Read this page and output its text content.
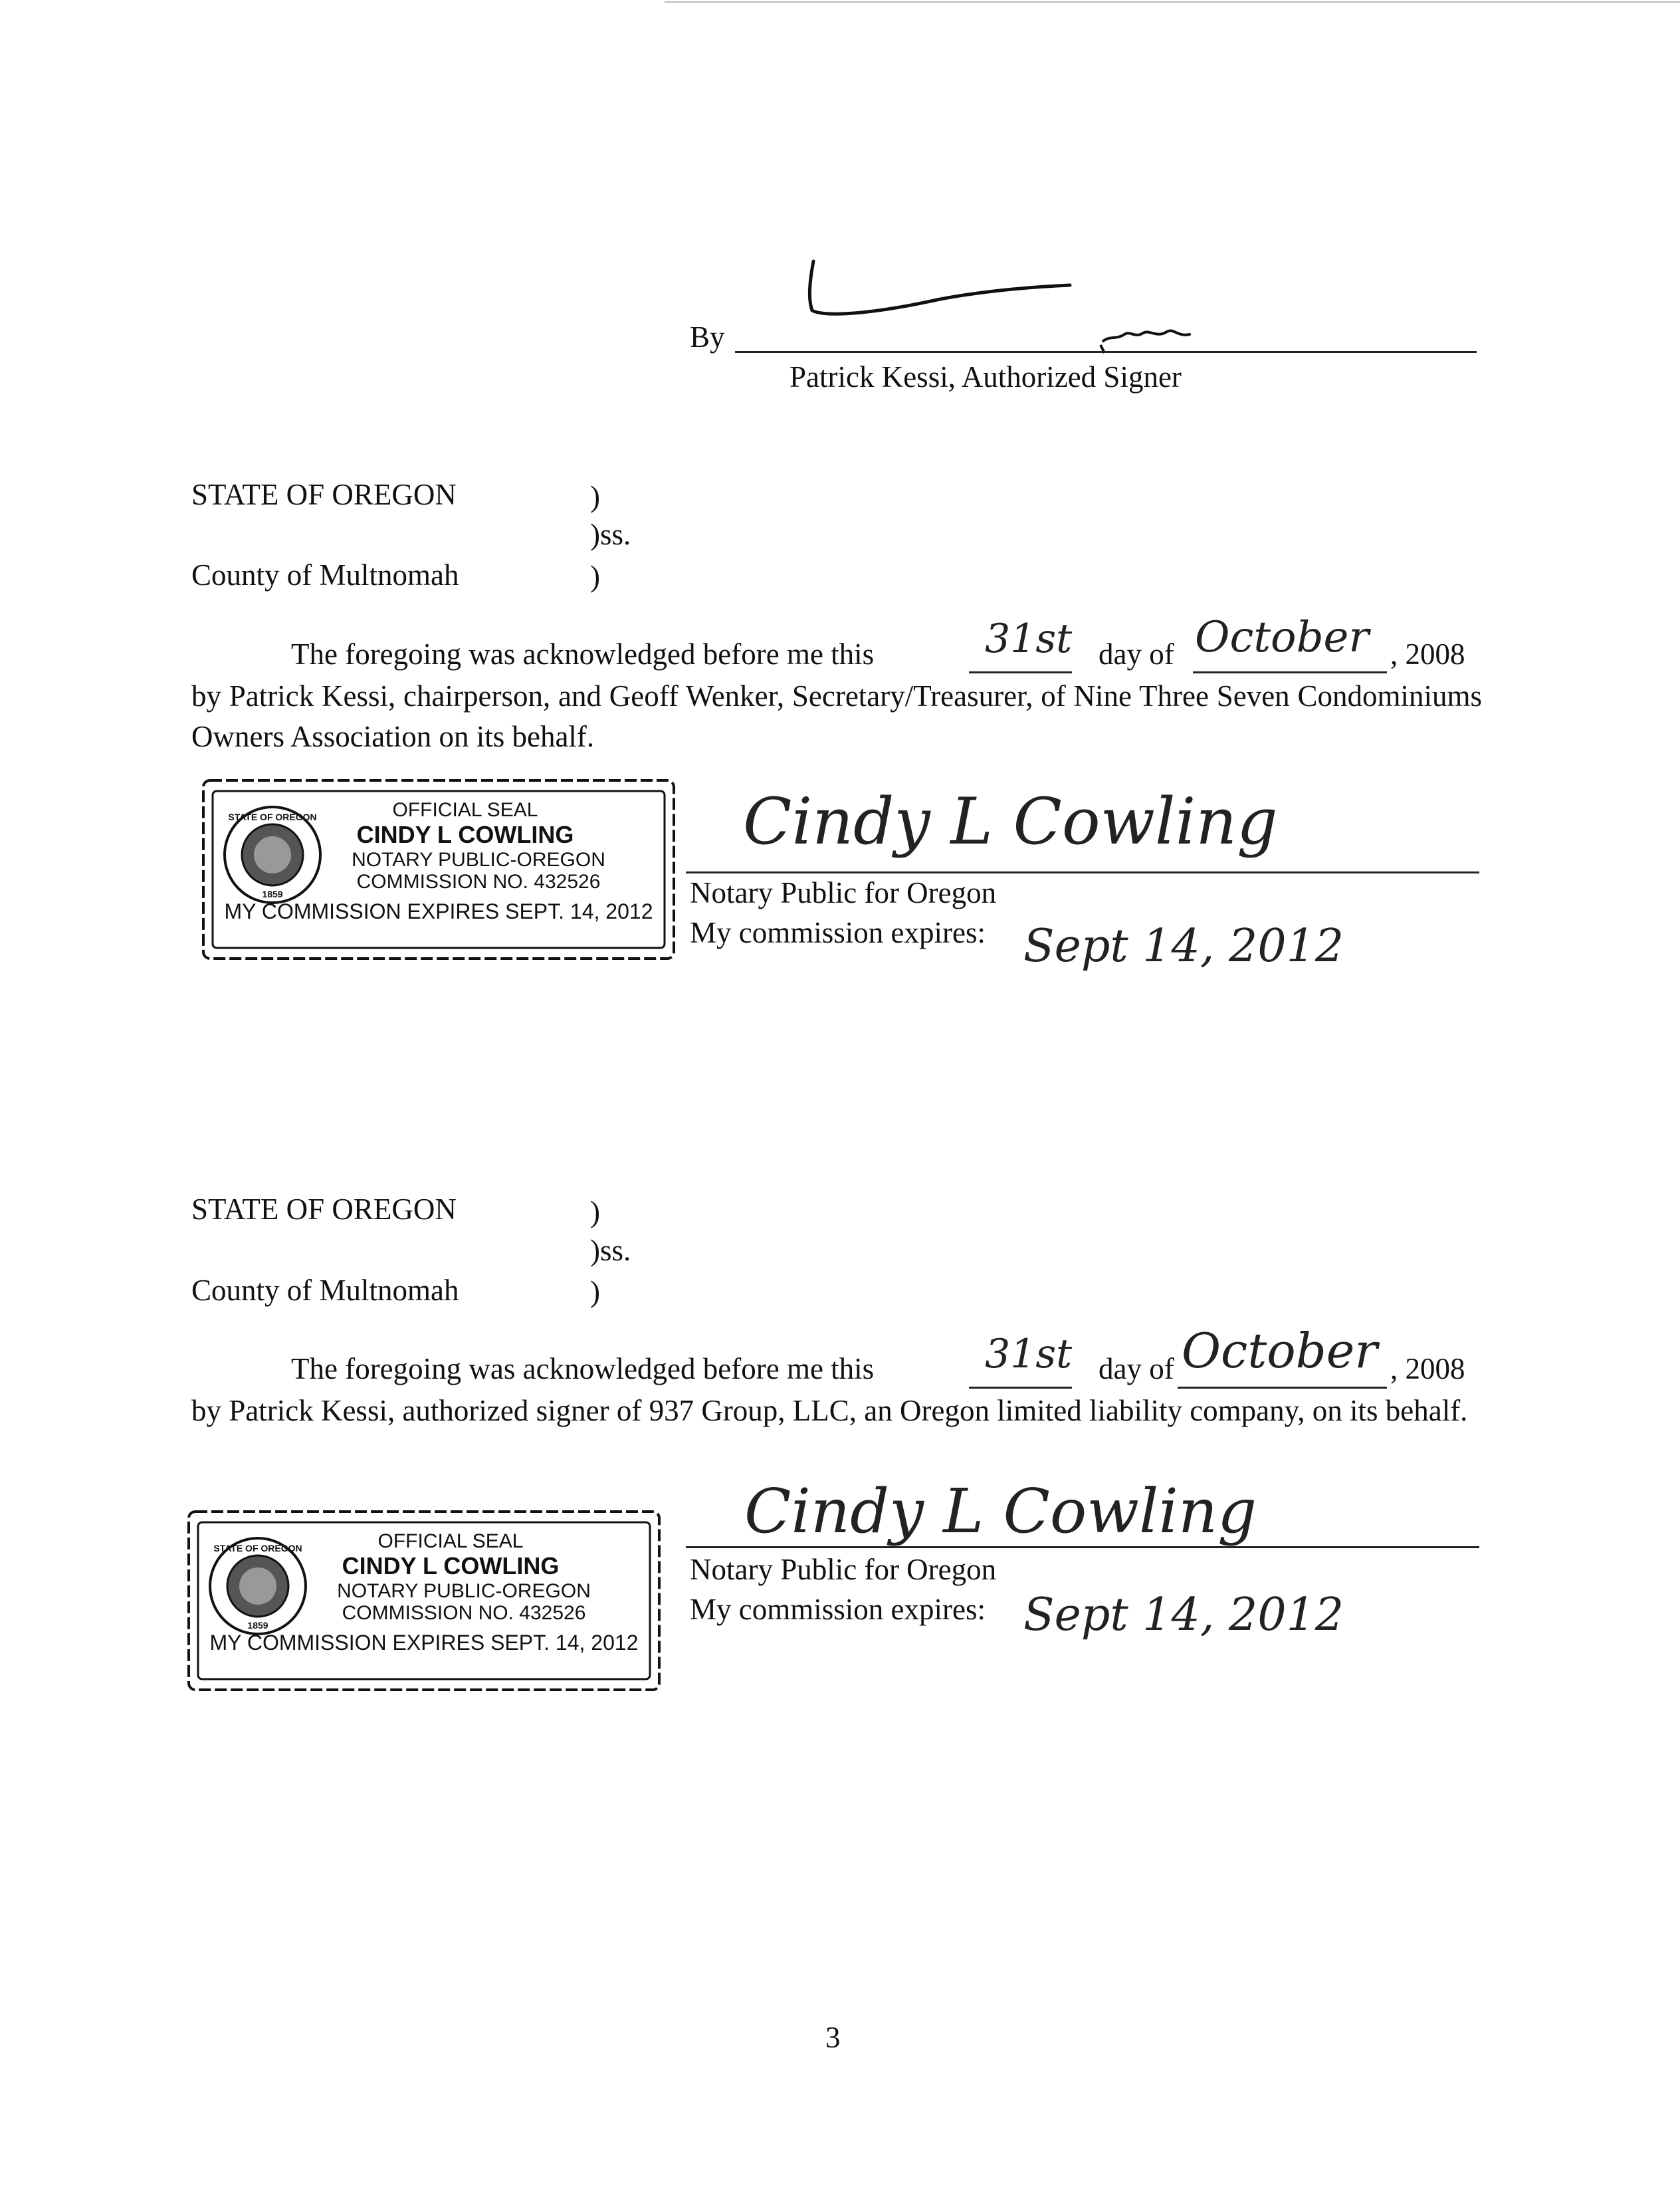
By
Patrick Kessi, Authorized Signer
STATE OF OREGON	)
)ss.
County of Multnomah	)
The foregoing was acknowledged before me this	31st day of October , 2008
by Patrick Kessi, chairperson, and Geoff Wenker, Secretary/Treasurer, of Nine Three Seven Condominiums Owners Association on its behalf.
STATE OF OREGON
1859
OFFICIAL SEAL
CINDY L COWLING
NOTARY PUBLIC-OREGON
COMMISSION NO. 432526
MY COMMISSION EXPIRES SEPT. 14, 2012
Cindy L Cowling
Notary Public for Oregon
My commission expires: Sept 14, 2012
STATE OF OREGON	)
)ss.
County of Multnomah	)
The foregoing was acknowledged before me this	31st day of October , 2008
by Patrick Kessi, authorized signer of 937 Group, LLC, an Oregon limited liability company, on its behalf.
STATE OF OREGON
1859
OFFICIAL SEAL
CINDY L COWLING
NOTARY PUBLIC-OREGON
COMMISSION NO. 432526
MY COMMISSION EXPIRES SEPT. 14, 2012
Cindy L Cowling
Notary Public for Oregon
My commission expires: Sept 14, 2012
3
